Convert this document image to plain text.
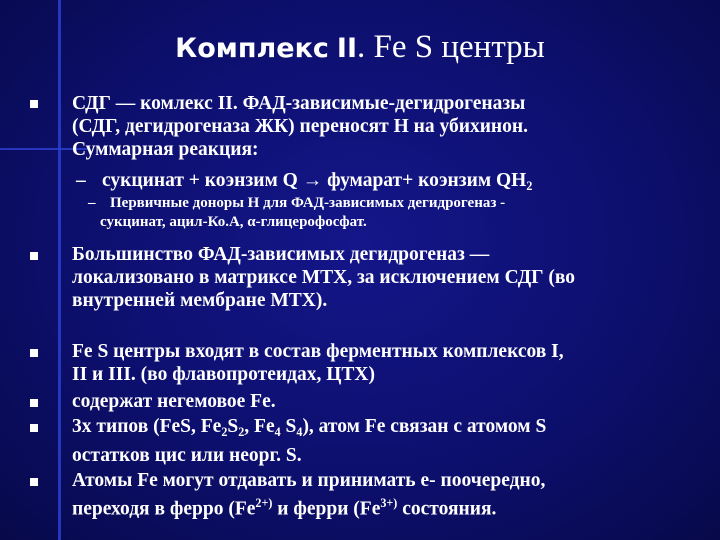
Комплекс II. Fe S центры
СДГ — комлекс II. ФАД-зависимые-дегидрогеназы
(СДГ, дегидрогеназа ЖК) переносят Н на убихинон.
Суммарная реакция:
– сукцинат + коэнзим Q → фумарат+ коэнзим $QH_2$
– Первичные доноры Н для ФАД-зависимых дегидрогеназ -
сукцинат, ацил-Ко.А, α-глицерофосфат.
Большинство ФАД-зависимых дегидрогеназ —
локализовано в матриксе МТХ, за исключением СДГ (во
внутренней мембране МТХ).
Fe S центры входят в состав ферментных комплексов I,
II и III. (во флавопротеидах, ЦТХ)
содержат негемовое Fe.
3х типов (FeS, $Fe_2S_2$, $Fe_4$ $S_4$), атом Fe связан с атомом S
остатков цис или неорг. S.
Атомы Fe могут отдавать и принимать е- поочередно,
переходя в ферро ($Fe^{2+)}$ и ферри ($Fe^{3+)}$ состояния.
